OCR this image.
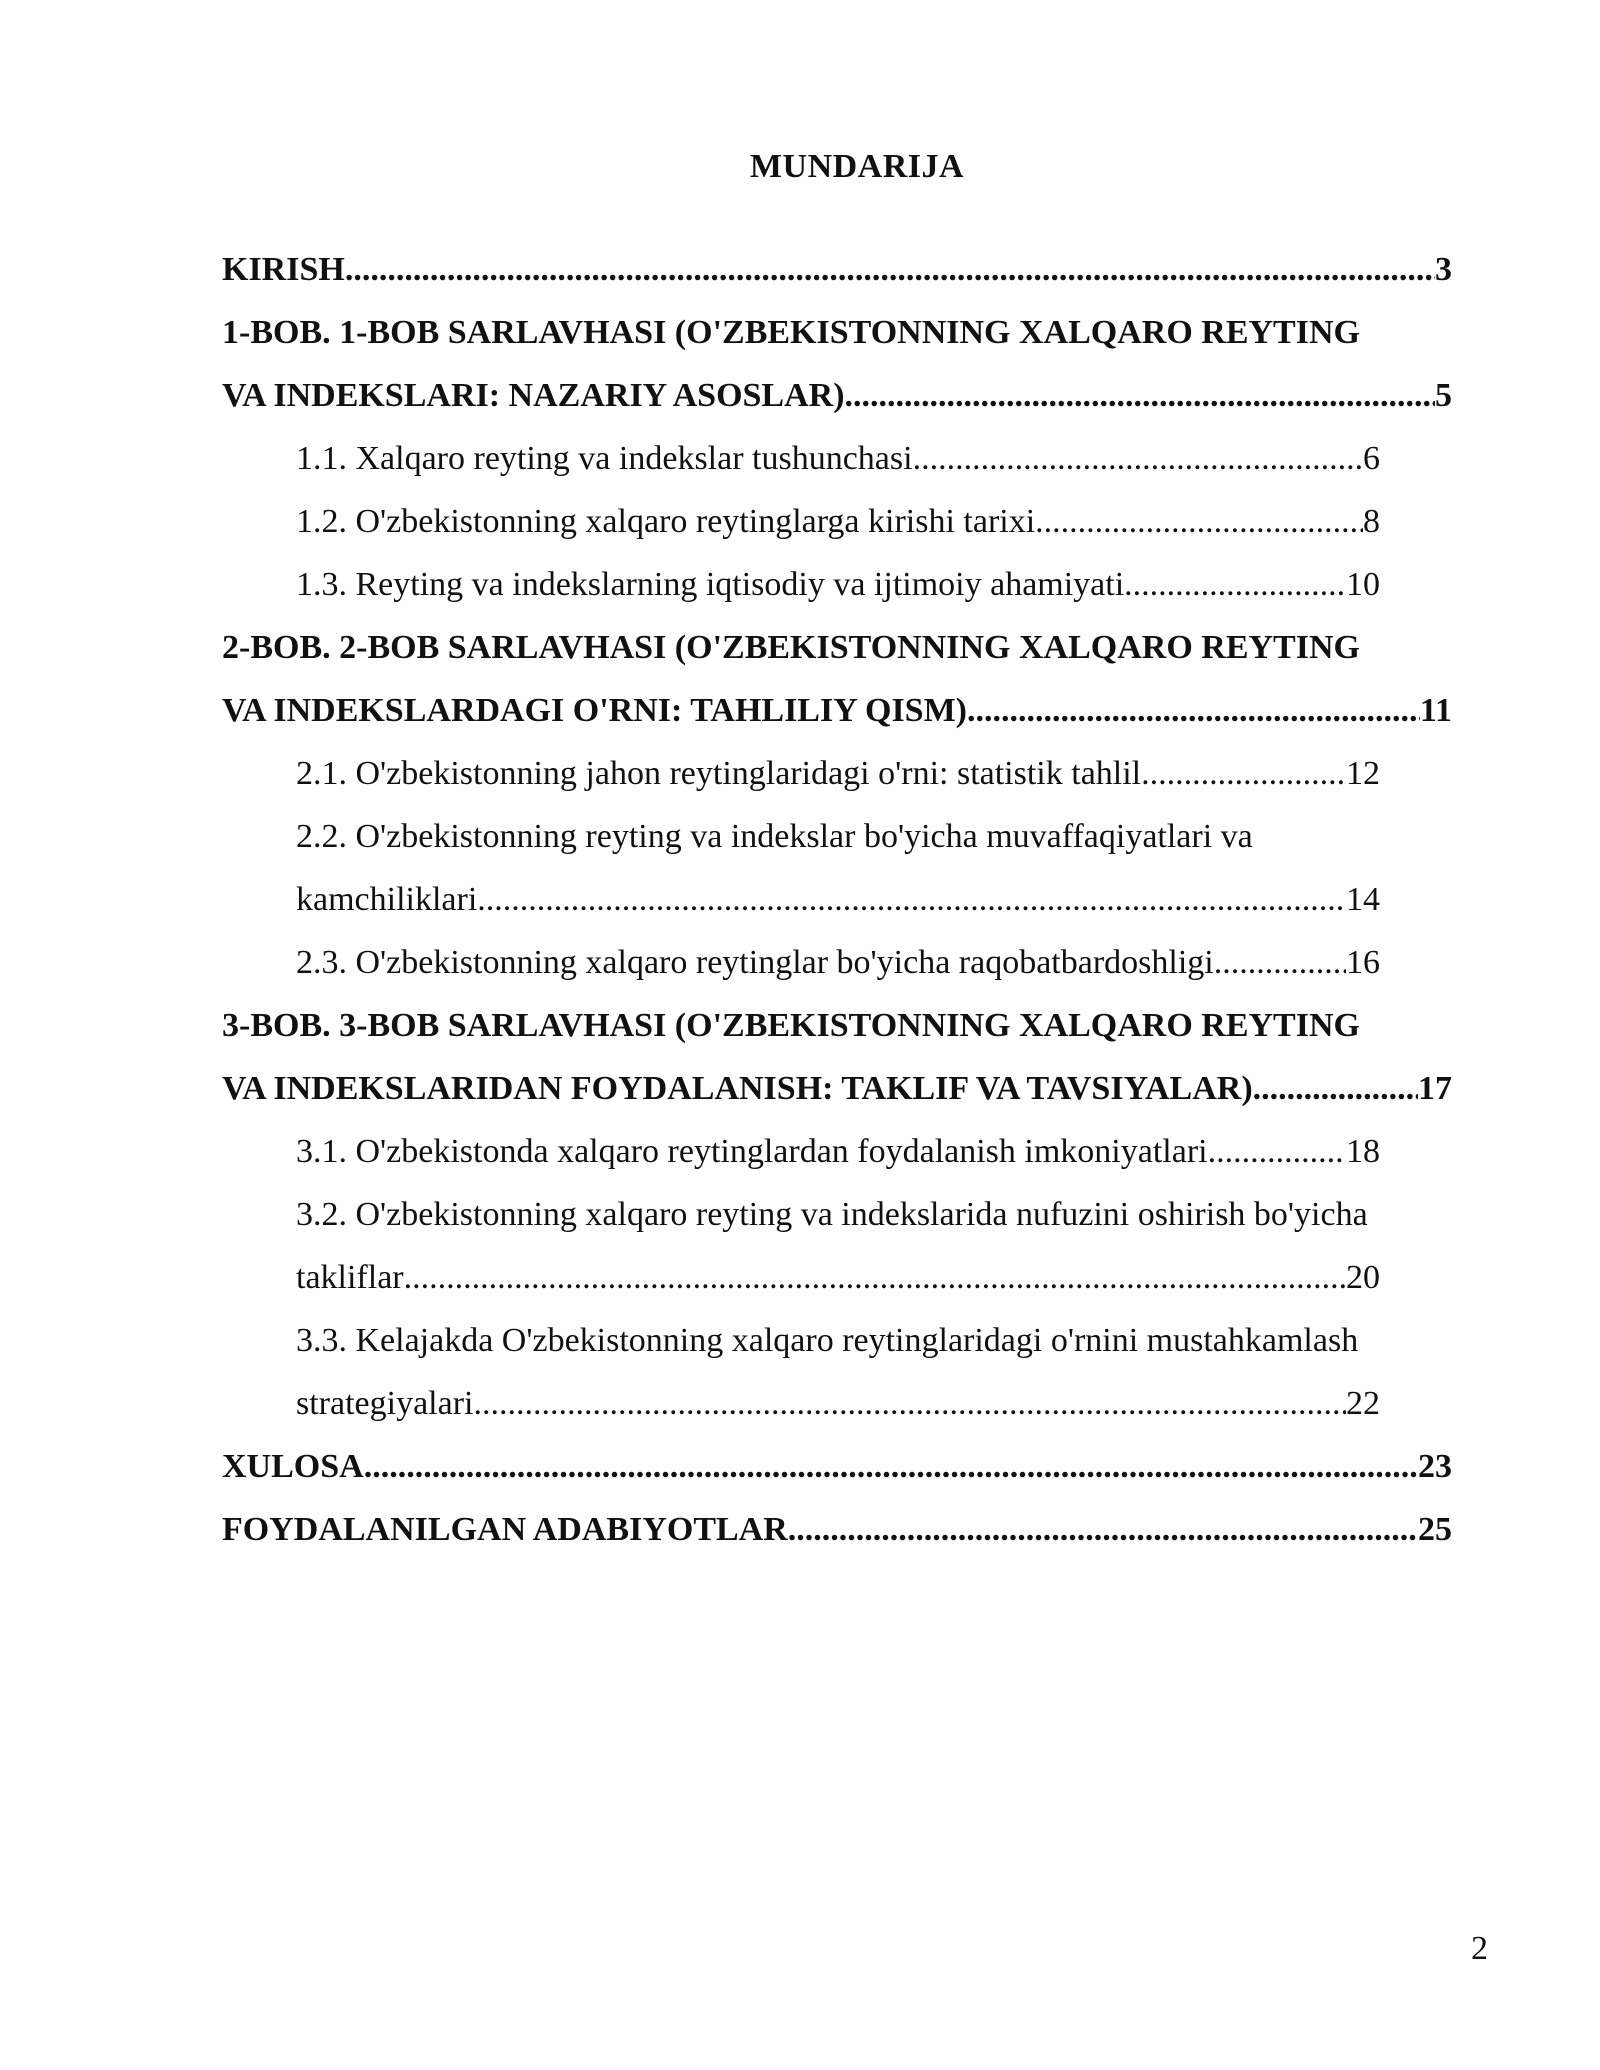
MUNDARIJA
KIRISH .....	3
1-BOB. 1-BOB SARLAVHASI (O'ZBEKISTONNING XALQARO REYTING
VA INDEKSLARI: NAZARIY ASOSLAR) .....	5
1.1. Xalqaro reyting va indekslar tushunchasi .....	6
1.2. O'zbekistonning xalqaro reytinglarga kirishi tarixi .....	8
1.3. Reyting va indekslarning iqtisodiy va ijtimoiy ahamiyati .....	10
2-BOB. 2-BOB SARLAVHASI (O'ZBEKISTONNING XALQARO REYTING
VA INDEKSLARDAGI O'RNI: TAHLILIY QISM) .....	11
2.1. O'zbekistonning jahon reytinglaridagi o'rni: statistik tahlil .....	12
2.2. O'zbekistonning reyting va indekslar bo'yicha muvaffaqiyatlari va
kamchiliklari .....	14
2.3. O'zbekistonning xalqaro reytinglar bo'yicha raqobatbardoshligi .....	16
3-BOB. 3-BOB SARLAVHASI (O'ZBEKISTONNING XALQARO REYTING
VA INDEKSLARIDAN FOYDALANISH: TAKLIF VA TAVSIYALAR) .....	17
3.1. O'zbekistonda xalqaro reytinglardan foydalanish imkoniyatlari .....	18
3.2. O'zbekistonning xalqaro reyting va indekslarida nufuzini oshirish bo'yicha
takliflar .....	20
3.3. Kelajakda O'zbekistonning xalqaro reytinglaridagi o'rnini mustahkamlash
strategiyalari .....	22
XULOSA .....	23
FOYDALANILGAN ADABIYOTLAR .....	25
2
